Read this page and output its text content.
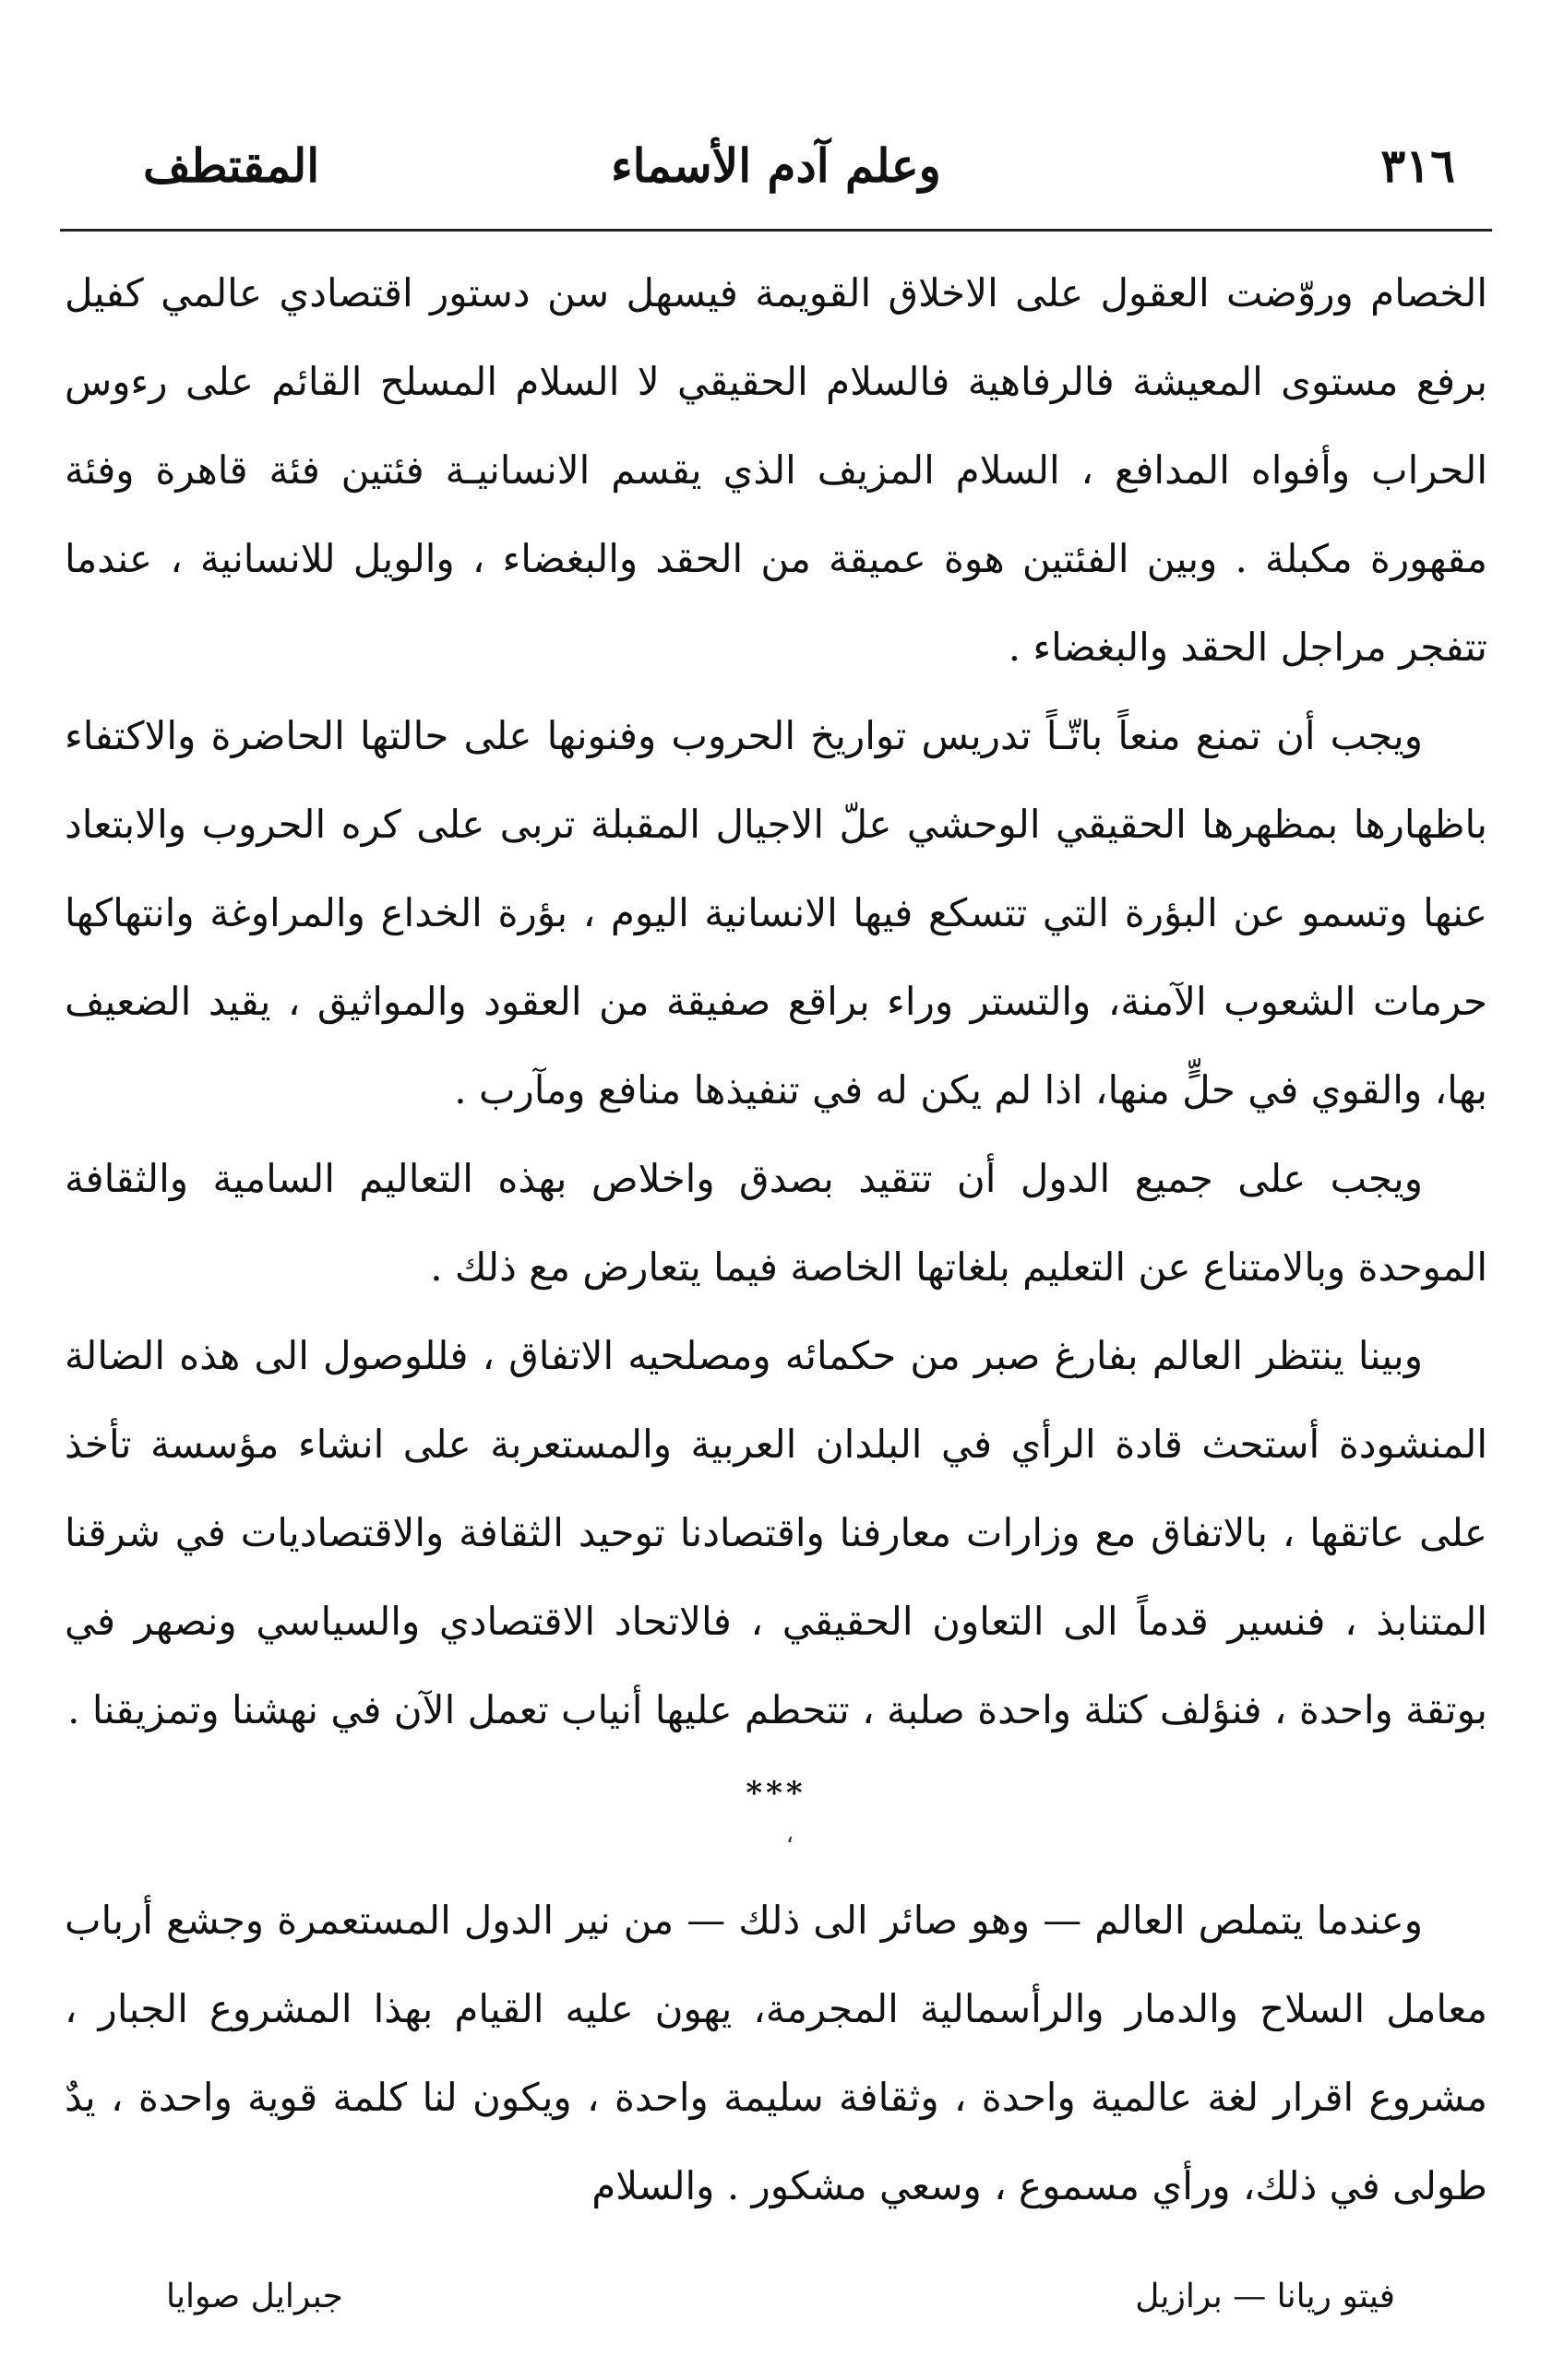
٣١٦
وعلم آدم الأسماء
المقتطف

الخصام وروّضت العقول على الاخلاق القويمة فيسهل سن دستور اقتصادي عالمي كفيل برفع مستوى المعيشة فالرفاهية فالسلام الحقيقي لا السلام المسلح القائم على رءوس الحراب وأفواه المدافع ، السلام المزيف الذي يقسم الانسانيـة فئتين فئة قاهرة وفئة مقهورة مكبلة . وبين الفئتين هوة عميقة من الحقد والبغضاء ، والويل للانسانية ، عندما تتفجر مراجل الحقد والبغضاء .

ويجب أن تمنع منعاً باتّـاً تدريس تواريخ الحروب وفنونها على حالتها الحاضرة والاكتفاء باظهارها بمظهرها الحقيقي الوحشي علّ الاجيال المقبلة تربى على كره الحروب والابتعاد عنها وتسمو عن البؤرة التي تتسكع فيها الانسانية اليوم ، بؤرة الخداع والمراوغة وانتهاكها حرمات الشعوب الآمنة، والتستر وراء براقع صفيقة من العقود والمواثيق ، يقيد الضعيف بها، والقوي في حلٍّ منها، اذا لم يكن له في تنفيذها منافع ومآرب .

ويجب على جميع الدول أن تتقيد بصدق واخلاص بهذه التعاليم السامية والثقافة الموحدة وبالامتناع عن التعليم بلغاتها الخاصة فيما يتعارض مع ذلك .

وبينا ينتظر العالم بفارغ صبر من حكمائه ومصلحيه الاتفاق ، فللوصول الى هذه الضالة المنشودة أستحث قادة الرأي في البلدان العربية والمستعربة على انشاء مؤسسة تأخذ على عاتقها ، بالاتفاق مع وزارات معارفنا واقتصادنا توحيد الثقافة والاقتصاديات في شرقنا المتنابذ ، فنسير قدماً الى التعاون الحقيقي ، فالاتحاد الاقتصادي والسياسي ونصهر في بوتقة واحدة ، فنؤلف كتلة واحدة صلبة ، تتحطم عليها أنياب تعمل الآن في نهشنا وتمزيقنا .

***
،

وعندما يتملص العالم — وهو صائر الى ذلك — من نير الدول المستعمرة وجشع أرباب معامل السلاح والدمار والرأسمالية المجرمة، يهون عليه القيام بهذا المشروع الجبار ، مشروع اقرار لغة عالمية واحدة ، وثقافة سليمة واحدة ، ويكون لنا كلمة قوية واحدة ، يدٌ طولى في ذلك، ورأي مسموع ، وسعي مشكور . والسلام

فيتو ريانا — برازيل
جبرايل صوايا
